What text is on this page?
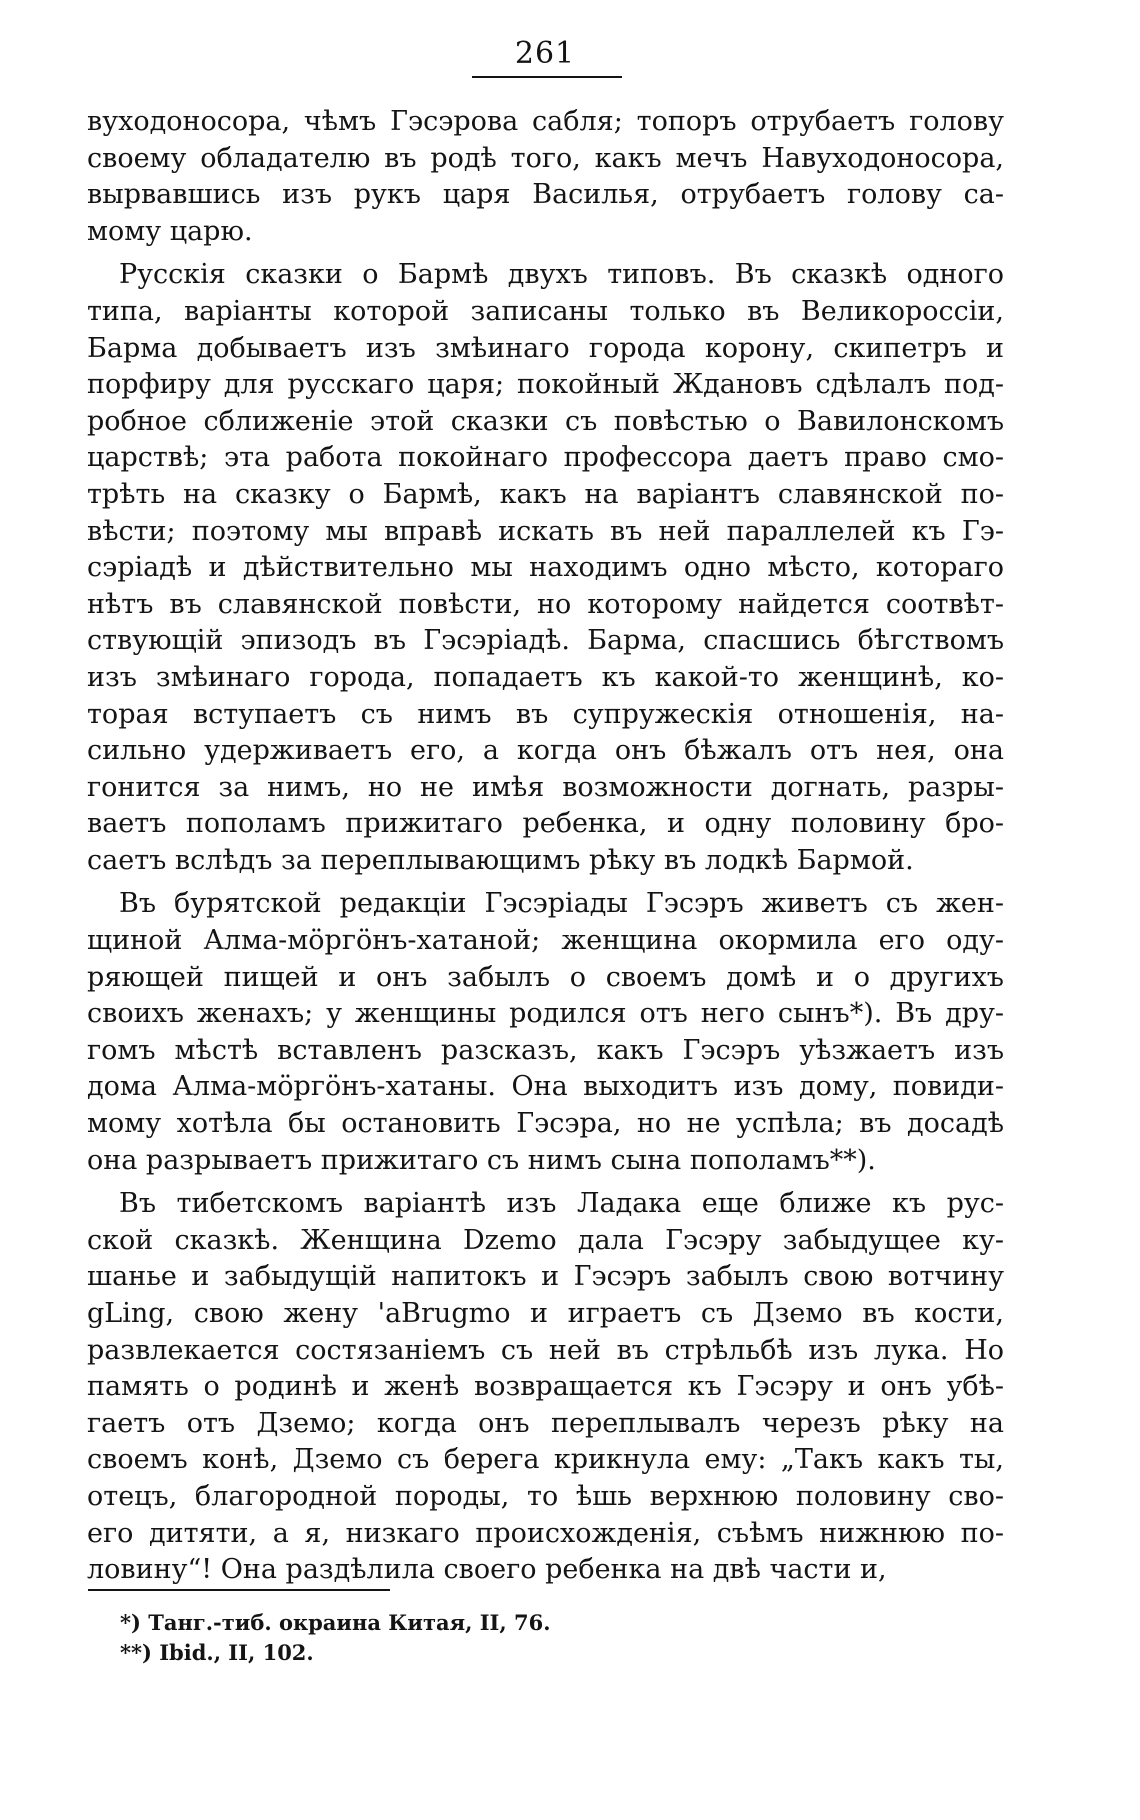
261

вуходоносора, чѣмъ Гэсэрова сабля; топоръ отрубаетъ голову
своему обладателю въ родѣ того, какъ мечъ Навуходоносора,
вырвавшись изъ рукъ царя Василья, отрубаетъ голову са-
мому царю.
Русскія сказки о Бармѣ двухъ типовъ. Въ сказкѣ одного
типа, варіанты которой записаны только въ Великороссіи,
Барма добываетъ изъ змѣинаго города корону, скипетръ и
порфиру для русскаго царя; покойный Ждановъ сдѣлалъ под-
робное сближеніе этой сказки съ повѣстью о Вавилонскомъ
царствѣ; эта работа покойнаго профессора даетъ право смо-
трѣть на сказку о Бармѣ, какъ на варіантъ славянской по-
вѣсти; поэтому мы вправѣ искать въ ней параллелей къ Гэ-
сэріадѣ и дѣйствительно мы находимъ одно мѣсто, котораго
нѣтъ въ славянской повѣсти, но которому найдется соотвѣт-
ствующій эпизодъ въ Гэсэріадѣ. Барма, спасшись бѣгствомъ
изъ змѣинаго города, попадаетъ къ какой-то женщинѣ, ко-
торая вступаетъ съ нимъ въ супружескія отношенія, на-
сильно удерживаетъ его, а когда онъ бѣжалъ отъ нея, она
гонится за нимъ, но не имѣя возможности догнать, разры-
ваетъ пополамъ прижитаго ребенка, и одну половину бро-
саетъ вслѣдъ за переплывающимъ рѣку въ лодкѣ Бармой.
Въ бурятской редакціи Гэсэріады Гэсэръ живетъ съ жен-
щиной Алма-мӧргӧнъ-хатаной; женщина окормила его оду-
ряющей пищей и онъ забылъ о своемъ домѣ и о другихъ
своихъ женахъ; у женщины родился отъ него сынъ*). Въ дру-
гомъ мѣстѣ вставленъ разсказъ, какъ Гэсэръ уѣзжаетъ изъ
дома Алма-мӧргӧнъ-хатаны. Она выходитъ изъ дому, повиди-
мому хотѣла бы остановить Гэсэра, но не успѣла; въ досадѣ
она разрываетъ прижитаго съ нимъ сына пополамъ**).
Въ тибетскомъ варіантѣ изъ Ладака еще ближе къ рус-
ской сказкѣ. Женщина Dzemo дала Гэсэру забыдущее ку-
шанье и забыдущій напитокъ и Гэсэръ забылъ свою вотчину
gLing, свою жену 'aBrugmo и играетъ съ Дземо въ кости,
развлекается состязаніемъ съ ней въ стрѣльбѣ изъ лука. Но
память о родинѣ и женѣ возвращается къ Гэсэру и онъ убѣ-
гаетъ отъ Дземо; когда онъ переплывалъ черезъ рѣку на
своемъ конѣ, Дземо съ берега крикнула ему: „Такъ какъ ты,
отецъ, благородной породы, то ѣшь верхнюю половину сво-
его дитяти, а я, низкаго происхожденія, съѣмъ нижнюю по-
ловину“! Она раздѣлила своего ребенка на двѣ части и,
*) Танг.-тиб. окраина Китая, II, 76.
**) Ibid., II, 102.
